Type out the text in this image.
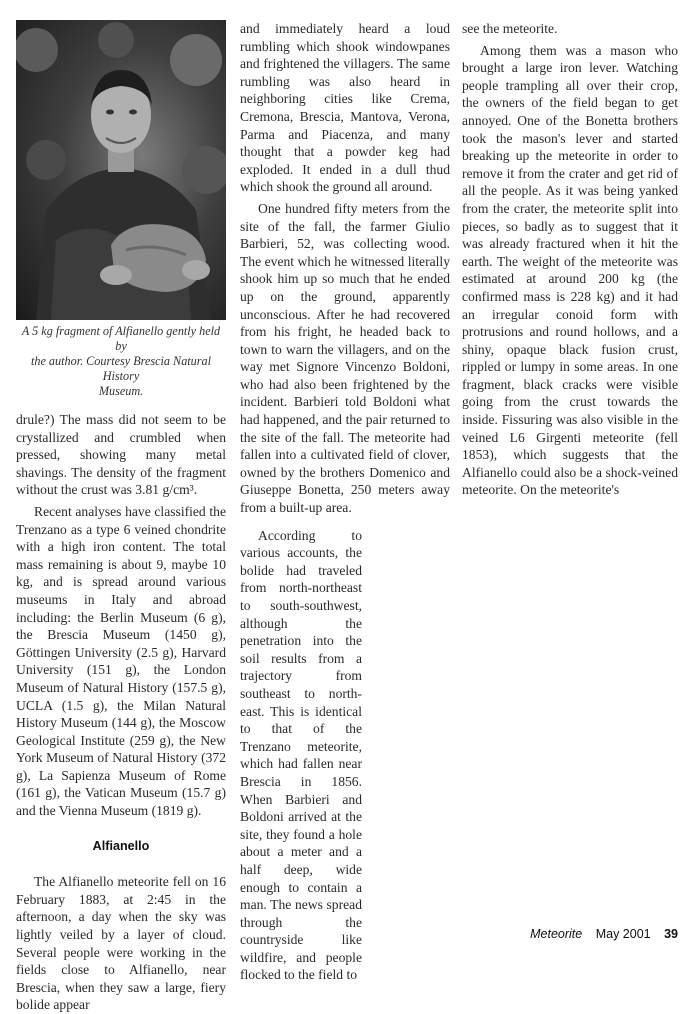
A 5 kg fragment of Alfianello gently held by
the author. Courtesy Brescia Natural History
Museum.

drule?) The mass did not seem to be crystallized and crumbled when pressed, showing many metal shavings. The density of the fragment without the crust was 3.81 g/cm³.

Recent analyses have classified the Trenzano as a type 6 veined chondrite with a high iron content. The total mass remaining is about 9, maybe 10 kg, and is spread around various museums in Italy and abroad including: the Berlin Museum (6 g), the Brescia Museum (1450 g), Göttingen University (2.5 g), Harvard University (151 g), the London Museum of Natural History (157.5 g), UCLA (1.5 g), the Milan Natural History Museum (144 g), the Moscow Geological Institute (259 g), the New York Museum of Natural History (372 g), La Sapienza Museum of Rome (161 g), the Vatican Museum (15.7 g) and the Vienna Museum (1819 g).

Alfianello

The Alfianello meteorite fell on 16 February 1883, at 2:45 in the afternoon, a day when the sky was lightly veiled by a layer of cloud. Several people were working in the fields close to Alfianello, near Brescia, when they saw a large, fiery bolide appear

and immediately heard a loud rumbling which shook windowpanes and frightened the villagers. The same rumbling was also heard in neighboring cities like Crema, Cremona, Brescia, Mantova, Verona, Parma and Piacenza, and many thought that a powder keg had exploded. It ended in a dull thud which shook the ground all around.

One hundred fifty meters from the site of the fall, the farmer Giulio Barbieri, 52, was collecting wood. The event which he witnessed literally shook him up so much that he ended up on the ground, apparently unconscious. After he had recovered from his fright, he headed back to town to warn the villagers, and on the way met Signore Vincenzo Boldoni, who had also been frightened by the incident. Barbieri told Boldoni what had happened, and the pair returned to the site of the fall. The meteorite had fallen into a cultivated field of clover, owned by the brothers Domenico and Giuseppe Bonetta, 250 meters away from a built-up area.

According to various accounts, the bolide had traveled from north-northeast to south-southwest, although the penetration into the soil results from a trajectory from southeast to north-east. This is identical to that of the Trenzano meteorite, which had fallen near Brescia in 1856. When Barbieri and Boldoni arrived at the site, they found a hole about a meter and a half deep, wide enough to contain a man. The news spread through the countryside like wildfire, and people flocked to the field to

see the meteorite.

Among them was a mason who brought a large iron lever. Watching people trampling all over their crop, the owners of the field began to get annoyed. One of the Bonetta brothers took the mason's lever and started breaking up the meteorite in order to remove it from the crater and get rid of all the people. As it was being yanked from the crater, the meteorite split into pieces, so badly as to suggest that it was already fractured when it hit the earth. The weight of the meteorite was estimated at around 200 kg (the confirmed mass is 228 kg) and it had an irregular conoid form with protrusions and round hollows, and a shiny, opaque black fusion crust, rippled or lumpy in some areas. In one fragment, black cracks were visible going from the crust towards the inside. Fissuring was also visible in the veined L6 Girgenti meteorite (fell 1853), which suggests that the Alfianello could also be a shock-veined meteorite. On the meteorite's

Meteorite May 2001 39
